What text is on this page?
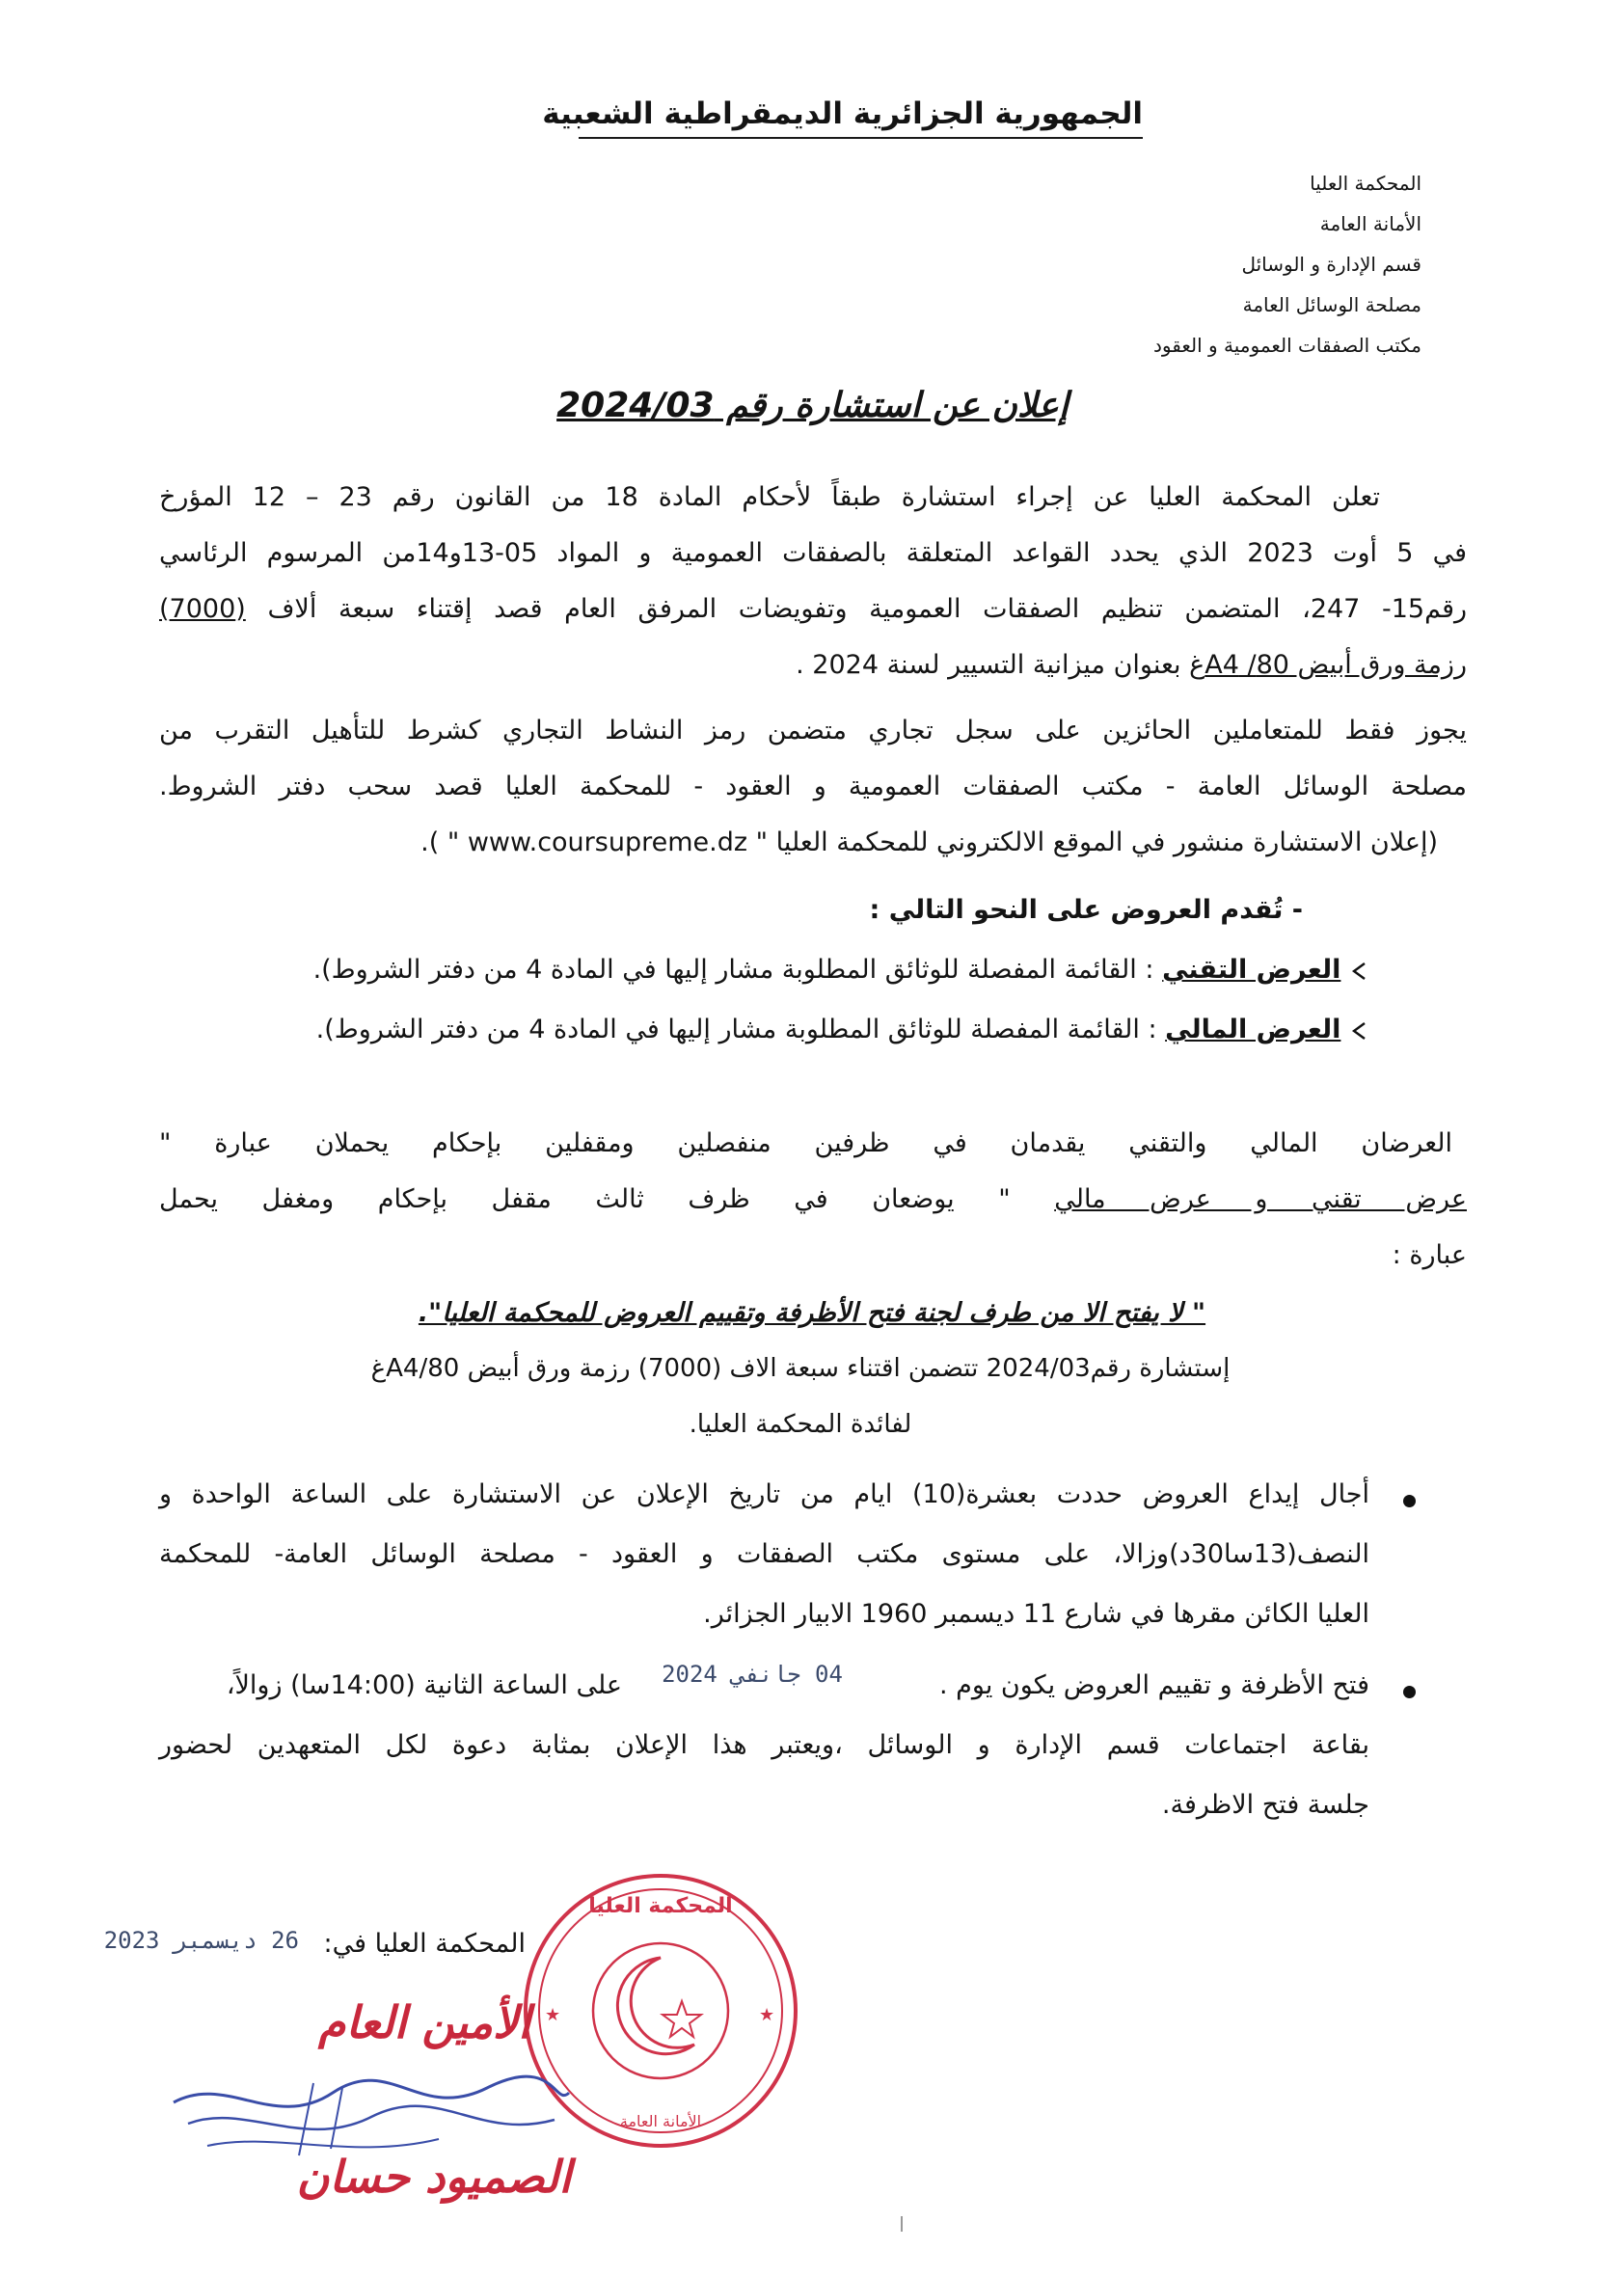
الجمهورية الجزائرية الديمقراطية الشعبية
المحكمة العليا
الأمانة العامة
قسم الإدارة و الوسائل
مصلحة الوسائل العامة
مكتب الصفقات العمومية و العقود
إعلان عن استشارة رقم 2024/03
تعلن المحكمة العليا عن إجراء استشارة طبقاً لأحكام المادة 18 من القانون رقم 23 – 12 المؤرخ
في 5 أوت 2023 الذي يحدد القواعد المتعلقة بالصفقات العمومية و المواد 05-13و14من المرسوم الرئاسي
رقم15- 247، المتضمن تنظيم الصفقات العمومية وتفويضات المرفق العام قصد إقتناء سبعة ألاف (7000)
رزمة ورق أبيض 80/ A4غ بعنوان ميزانية التسيير لسنة 2024 .
يجوز فقط للمتعاملين الحائزين على سجل تجاري متضمن رمز النشاط التجاري كشرط للتأهيل التقرب من
مصلحة الوسائل العامة - مكتب الصفقات العمومية و العقود - للمحكمة العليا قصد سحب دفتر الشروط.
(إعلان الاستشارة منشور في الموقع الالكتروني للمحكمة العليا " www.coursupreme.dz " ).
- تُقدم العروض على النحو التالي :
العرض التقني : القائمة المفصلة للوثائق المطلوبة مشار إليها في المادة 4 من دفتر الشروط).
العرض المالي : القائمة المفصلة للوثائق المطلوبة مشار إليها في المادة 4 من دفتر الشروط).
العرضان المالي والتقني يقدمان في ظرفين منفصلين ومقفلين بإحكام يحملان عبارة "
عرض تقني و عرض مالي " يوضعان في ظرف ثالث مقفل بإحكام ومغفل يحمل
عبارة :
" لا يفتح الا من طرف لجنة فتح الأظرفة وتقييم العروض للمحكمة العليا".
إستشارة رقم2024/03 تتضمن اقتناء سبعة الاف (7000) رزمة ورق أبيض 80/A4غ
لفائدة المحكمة العليا.
أجال إيداع العروض حددت بعشرة(10) ايام من تاريخ الإعلان عن الاستشارة على الساعة الواحدة و
النصف(13سا30د)وزالا، على مستوى مكتب الصفقات و العقود - مصلحة الوسائل العامة- للمحكمة
العليا الكائن مقرها في شارع 11 ديسمبر 1960 الابيار الجزائر.
فتح الأظرفة و تقييم العروض يكون يوم .
04 جانفي 2024
على الساعة الثانية (14:00سا) زوالاً،
بقاعة اجتماعات قسم الإدارة و الوسائل ،ويعتبر هذا الإعلان بمثابة دعوة لكل المتعهدين لحضور
جلسة فتح الاظرفة.
المحكمة العليا في:
26 ديسمبر 2023
المحكمة العليا
الأمانة العامة
★	★
الأمين العام
الصميود حسان
